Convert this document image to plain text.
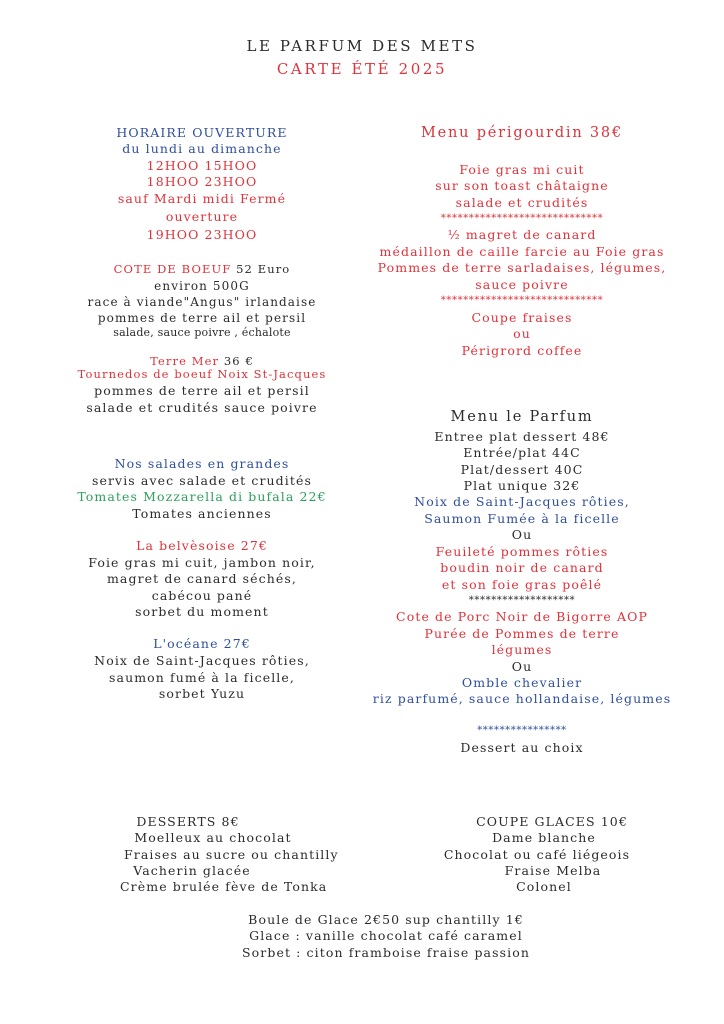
LE PARFUM DES METS
CARTE ÉTÉ 2025
HORAIRE OUVERTURE
du lundi au dimanche
12HOO 15HOO
18HOO 23HOO
sauf Mardi midi Fermé
ouverture
19HOO 23HOO
COTE DE BOEUF 52 Euro
environ 500G
race à viande"Angus" irlandaise
pommes de terre ail et persil
salade, sauce poivre , échalote
Terre Mer 36 €
Tournedos de boeuf Noix St-Jacques
pommes de terre ail et persil
salade et crudités sauce poivre
Nos salades en grandes
servis avec salade et crudités
Tomates Mozzarella di bufala 22€
Tomates anciennes
La belvèsoise 27€
Foie gras mi cuit, jambon noir,
magret de canard séchés,
cabécou pané
sorbet du moment
L'océane 27€
Noix de Saint-Jacques rôties,
saumon fumé à la ficelle,
sorbet Yuzu
Menu périgourdin 38€
Foie gras mi cuit
sur son toast châtaigne
salade et crudités
*****************************
½ magret de canard
médaillon de caille farcie au Foie gras
Pommes de terre sarladaises, légumes,
sauce poivre
*****************************
Coupe fraises
ou
Périgrord coffee
Menu le Parfum
Entree plat dessert 48€
Entrée/plat 44C
Plat/dessert 40C
Plat unique 32€
Noix de Saint-Jacques rôties,
Saumon Fumée à la ficelle
Ou
Feuileté pommes rôties
boudin noir de canard
et son foie gras poêlé
*******************
Cote de Porc Noir de Bigorre AOP
Purée de Pommes de terre
légumes
Ou
Omble chevalier
riz parfumé, sauce hollandaise, légumes
****************
Dessert au choix
DESSERTS 8€
Moelleux au chocolat
Fraises au sucre ou chantilly
Vacherin glacée
Crème brulée fève de Tonka
COUPE GLACES 10€
Dame blanche
Chocolat ou café liégeois
Fraise Melba
Colonel
Boule de Glace 2€50 sup chantilly 1€
Glace : vanille chocolat café caramel
Sorbet : citon framboise fraise passion
